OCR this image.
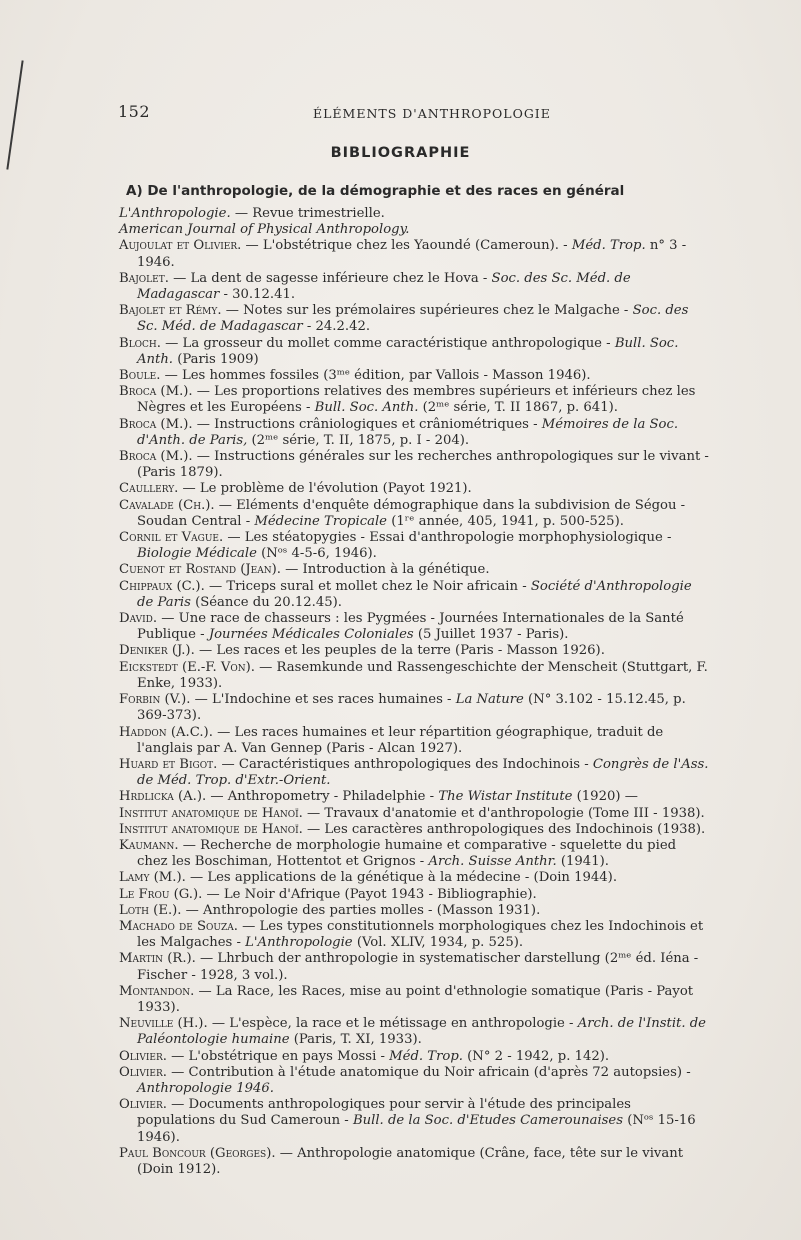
152	ÉLÉMENTS D'ANTHROPOLOGIE
BIBLIOGRAPHIE
A) De l'anthropologie, de la démographie et des races en général

L'Anthropologie. — Revue trimestrielle.

American Journal of Physical Anthropology.

Aujoulat et Olivier. — L'obstétrique chez les Yaoundé (Cameroun). - Méd. Trop. n° 3 - 1946.

Bajolet. — La dent de sagesse inférieure chez le Hova - Soc. des Sc. Méd. de Madagascar - 30.12.41.

Bajolet et Rémy. — Notes sur les prémolaires supérieures chez le Malgache - Soc. des Sc. Méd. de Madagascar - 24.2.42.

Bloch. — La grosseur du mollet comme caractéristique anthropologique - Bull. Soc. Anth. (Paris 1909)

Boule. — Les hommes fossiles (3ᵐᵉ édition, par Vallois - Masson 1946).

Broca (M.). — Les proportions relatives des membres supérieurs et inférieurs chez les Nègres et les Européens - Bull. Soc. Anth. (2ᵐᵉ série, T. II 1867, p. 641).

Broca (M.). — Instructions crâniologiques et crâniométriques - Mémoires de la Soc. d'Anth. de Paris, (2ᵐᵉ série, T. II, 1875, p. I - 204).

Broca (M.). — Instructions générales sur les recherches anthropologiques sur le vivant - (Paris 1879).

Caullery. — Le problème de l'évolution (Payot 1921).

Cavalade (Ch.). — Eléments d'enquête démographique dans la subdivision de Ségou - Soudan Central - Médecine Tropicale (1ʳᵉ année, 405, 1941, p. 500-525).

Cornil et Vague. — Les stéatopygies - Essai d'anthropologie morphophysiologique - Biologie Médicale (Nᵒˢ 4-5-6, 1946).

Cuenot et Rostand (Jean). — Introduction à la génétique.

Chippaux (C.). — Triceps sural et mollet chez le Noir africain - Société d'Anthropologie de Paris (Séance du 20.12.45).

David. — Une race de chasseurs : les Pygmées - Journées Internationales de la Santé Publique - Journées Médicales Coloniales (5 Juillet 1937 - Paris).

Deniker (J.). — Les races et les peuples de la terre (Paris - Masson 1926).

Eickstedt (E.-F. Von). — Rasemkunde und Rassengeschichte der Menscheit (Stuttgart, F. Enke, 1933).

Forbin (V.). — L'Indochine et ses races humaines - La Nature (N° 3.102 - 15.12.45, p. 369-373).

Haddon (A.C.). — Les races humaines et leur répartition géographique, traduit de l'anglais par A. Van Gennep (Paris - Alcan 1927).

Huard et Bigot. — Caractéristiques anthropologiques des Indochinois - Congrès de l'Ass. de Méd. Trop. d'Extr.-Orient.

Hrdlicka (A.). — Anthropometry - Philadelphie - The Wistar Institute (1920) —

Institut anatomique de Hanoï. — Travaux d'anatomie et d'anthropologie (Tome III - 1938).

Institut anatomique de Hanoï. — Les caractères anthropologiques des Indochinois (1938).

Kaumann. — Recherche de morphologie humaine et comparative - squelette du pied chez les Boschiman, Hottentot et Grignos - Arch. Suisse Anthr. (1941).

Lamy (M.). — Les applications de la génétique à la médecine - (Doin 1944).

Le Frou (G.). — Le Noir d'Afrique (Payot 1943 - Bibliographie).

Loth (E.). — Anthropologie des parties molles - (Masson 1931).

Machado de Souza. — Les types constitutionnels morphologiques chez les Indochinois et les Malgaches - L'Anthropologie (Vol. XLIV, 1934, p. 525).

Martin (R.). — Lhrbuch der anthropologie in systematischer darstellung (2ᵐᵉ éd. Iéna - Fischer - 1928, 3 vol.).

Montandon. — La Race, les Races, mise au point d'ethnologie somatique (Paris - Payot 1933).

Neuville (H.). — L'espèce, la race et le métissage en anthropologie - Arch. de l'Instit. de Paléontologie humaine (Paris, T. XI, 1933).

Olivier. — L'obstétrique en pays Mossi - Méd. Trop. (N° 2 - 1942, p. 142).

Olivier. — Contribution à l'étude anatomique du Noir africain (d'après 72 autopsies) - Anthropologie 1946.

Olivier. — Documents anthropologiques pour servir à l'étude des principales populations du Sud Cameroun - Bull. de la Soc. d'Etudes Camerounaises (Nᵒˢ 15-16 1946).

Paul Boncour (Georges). — Anthropologie anatomique (Crâne, face, tête sur le vivant (Doin 1912).
